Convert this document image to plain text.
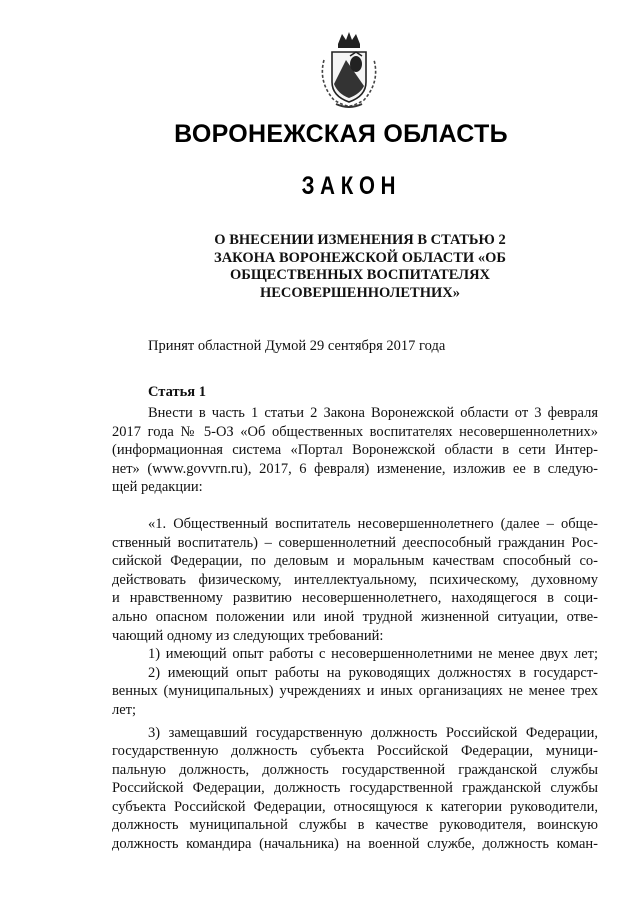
ВОРОНЕЖСКАЯ ОБЛАСТЬ
ЗАКОН
О ВНЕСЕНИИ ИЗМЕНЕНИЯ В СТАТЬЮ 2
ЗАКОНА ВОРОНЕЖСКОЙ ОБЛАСТИ «ОБ
ОБЩЕСТВЕННЫХ ВОСПИТАТЕЛЯХ
НЕСОВЕРШЕННОЛЕТНИХ»
Принят областной Думой 29 сентября 2017 года
Статья 1

Внести в часть 1 статьи 2 Закона Воронежской области от 3 февраля
2017 года № 5-ОЗ «Об общественных воспитателях несовершеннолетних»
(информационная система «Портал Воронежской области в сети Интер-
нет» (www.govvrn.ru), 2017, 6 февраля) изменение, изложив ее в следую-
щей редакции:

«1. Общественный воспитатель несовершеннолетнего (далее – обще-
ственный воспитатель) – совершеннолетний дееспособный гражданин Рос-
сийской Федерации, по деловым и моральным качествам способный со-
действовать физическому, интеллектуальному, психическому, духовному
и нравственному развитию несовершеннолетнего, находящегося в соци-
ально опасном положении или иной трудной жизненной ситуации, отве-
чающий одному из следующих требований:

1) имеющий опыт работы с несовершеннолетними не менее двух лет;

2) имеющий опыт работы на руководящих должностях в государст-
венных (муниципальных) учреждениях и иных организациях не менее трех
лет;

3) замещавший государственную должность Российской Федерации,
государственную должность субъекта Российской Федерации, муници-
пальную должность, должность государственной гражданской службы
Российской Федерации, должность государственной гражданской службы
субъекта Российской Федерации, относящуюся к категории руководители,
должность муниципальной службы в качестве руководителя, воинскую
должность командира (начальника) на военной службе, должность коман-
